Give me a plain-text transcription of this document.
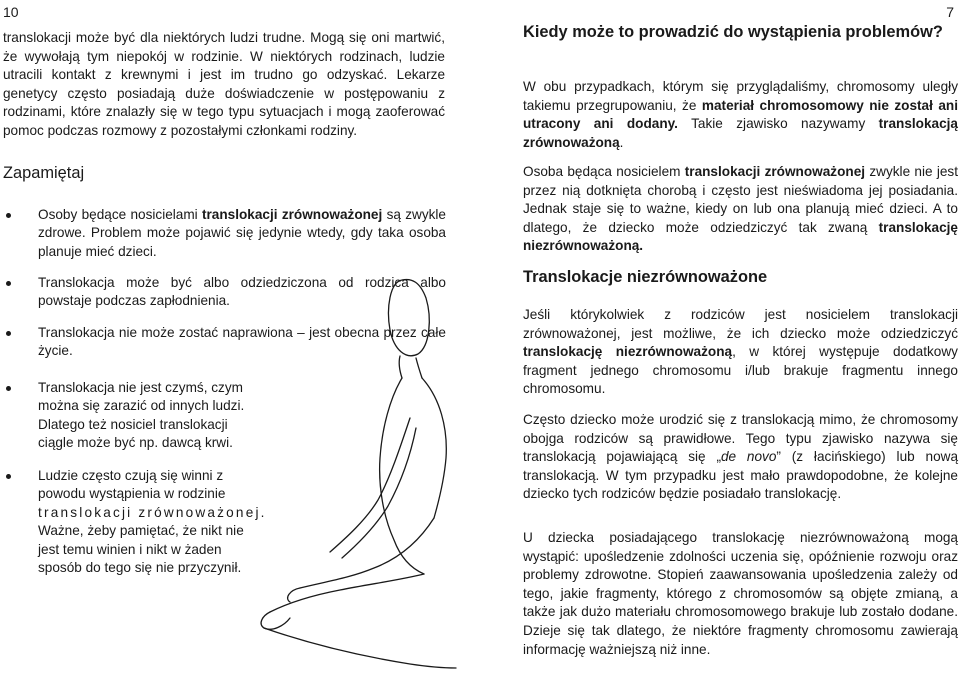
10	7

translokacji może być dla niektórych ludzi trudne. Mogą się oni martwić, że wywołają tym niepokój w rodzinie. W niektórych rodzinach, ludzie utracili kontakt z krewnymi i jest im trudno go odzyskać. Lekarze genetycy często posiadają duże doświadczenie w postępowaniu z rodzinami, które znalazły się w tego typu sytuacjach i mogą zaoferować pomoc podczas rozmowy z pozostałymi członkami rodziny.

Zapamiętaj
Osoby będące nosicielami translokacji zrównoważonej są zwykle zdrowe. Problem może pojawić się jedynie wtedy, gdy taka osoba planuje mieć dzieci.
Translokacja może być albo odziedziczona od rodzica albo powstaje podczas zapłodnienia.
Translokacja nie może zostać naprawiona – jest obecna przez całe życie.
Translokacja nie jest czymś, czym
można się zarazić od innych ludzi.
Dlatego też nosiciel translokacji
ciągle może być np. dawcą krwi.
Ludzie często czują się winni z
powodu wystąpienia w rodzinie
translokacji zrównoważonej.
Ważne, żeby pamiętać, że nikt nie
jest temu winien i nikt w żaden
sposób do tego się nie przyczynił.
Kiedy może to prowadzić do wystąpienia problemów?

W obu przypadkach, którym się przyglądaliśmy, chromosomy uległy takiemu przegrupowaniu, że materiał chromosomowy nie został ani utracony ani dodany. Takie zjawisko nazywamy translokacją zrównoważoną.

Osoba będąca nosicielem translokacji zrównoważonej zwykle nie jest przez nią dotknięta chorobą i często jest nieświadoma jej posiadania. Jednak staje się to ważne, kiedy on lub ona planują mieć dzieci. A to dlatego, że dziecko może odziedziczyć tak zwaną translokację niezrównoważoną.

Translokacje niezrównoważone

Jeśli którykolwiek z rodziców jest nosicielem translokacji zrównoważonej, jest możliwe, że ich dziecko może odziedziczyć translokację niezrównoważoną, w której występuje dodatkowy fragment jednego chromosomu i/lub brakuje fragmentu innego chromosomu.

Często dziecko może urodzić się z translokacją mimo, że chromosomy obojga rodziców są prawidłowe. Tego typu zjawisko nazywa się translokacją pojawiającą się „de novo” (z łacińskiego) lub nową translokacją. W tym przypadku jest mało prawdopodobne, że kolejne dziecko tych rodziców będzie posiadało translokację.

U dziecka posiadającego translokację niezrównoważoną mogą wystąpić: upośledzenie zdolności uczenia się, opóźnienie rozwoju oraz problemy zdrowotne. Stopień zaawansowania upośledzenia zależy od tego, jakie fragmenty, którego z chromosomów są objęte zmianą, a także jak dużo materiału chromosomowego brakuje lub zostało dodane. Dzieje się tak dlatego, że niektóre fragmenty chromosomu zawierają informację ważniejszą niż inne.
